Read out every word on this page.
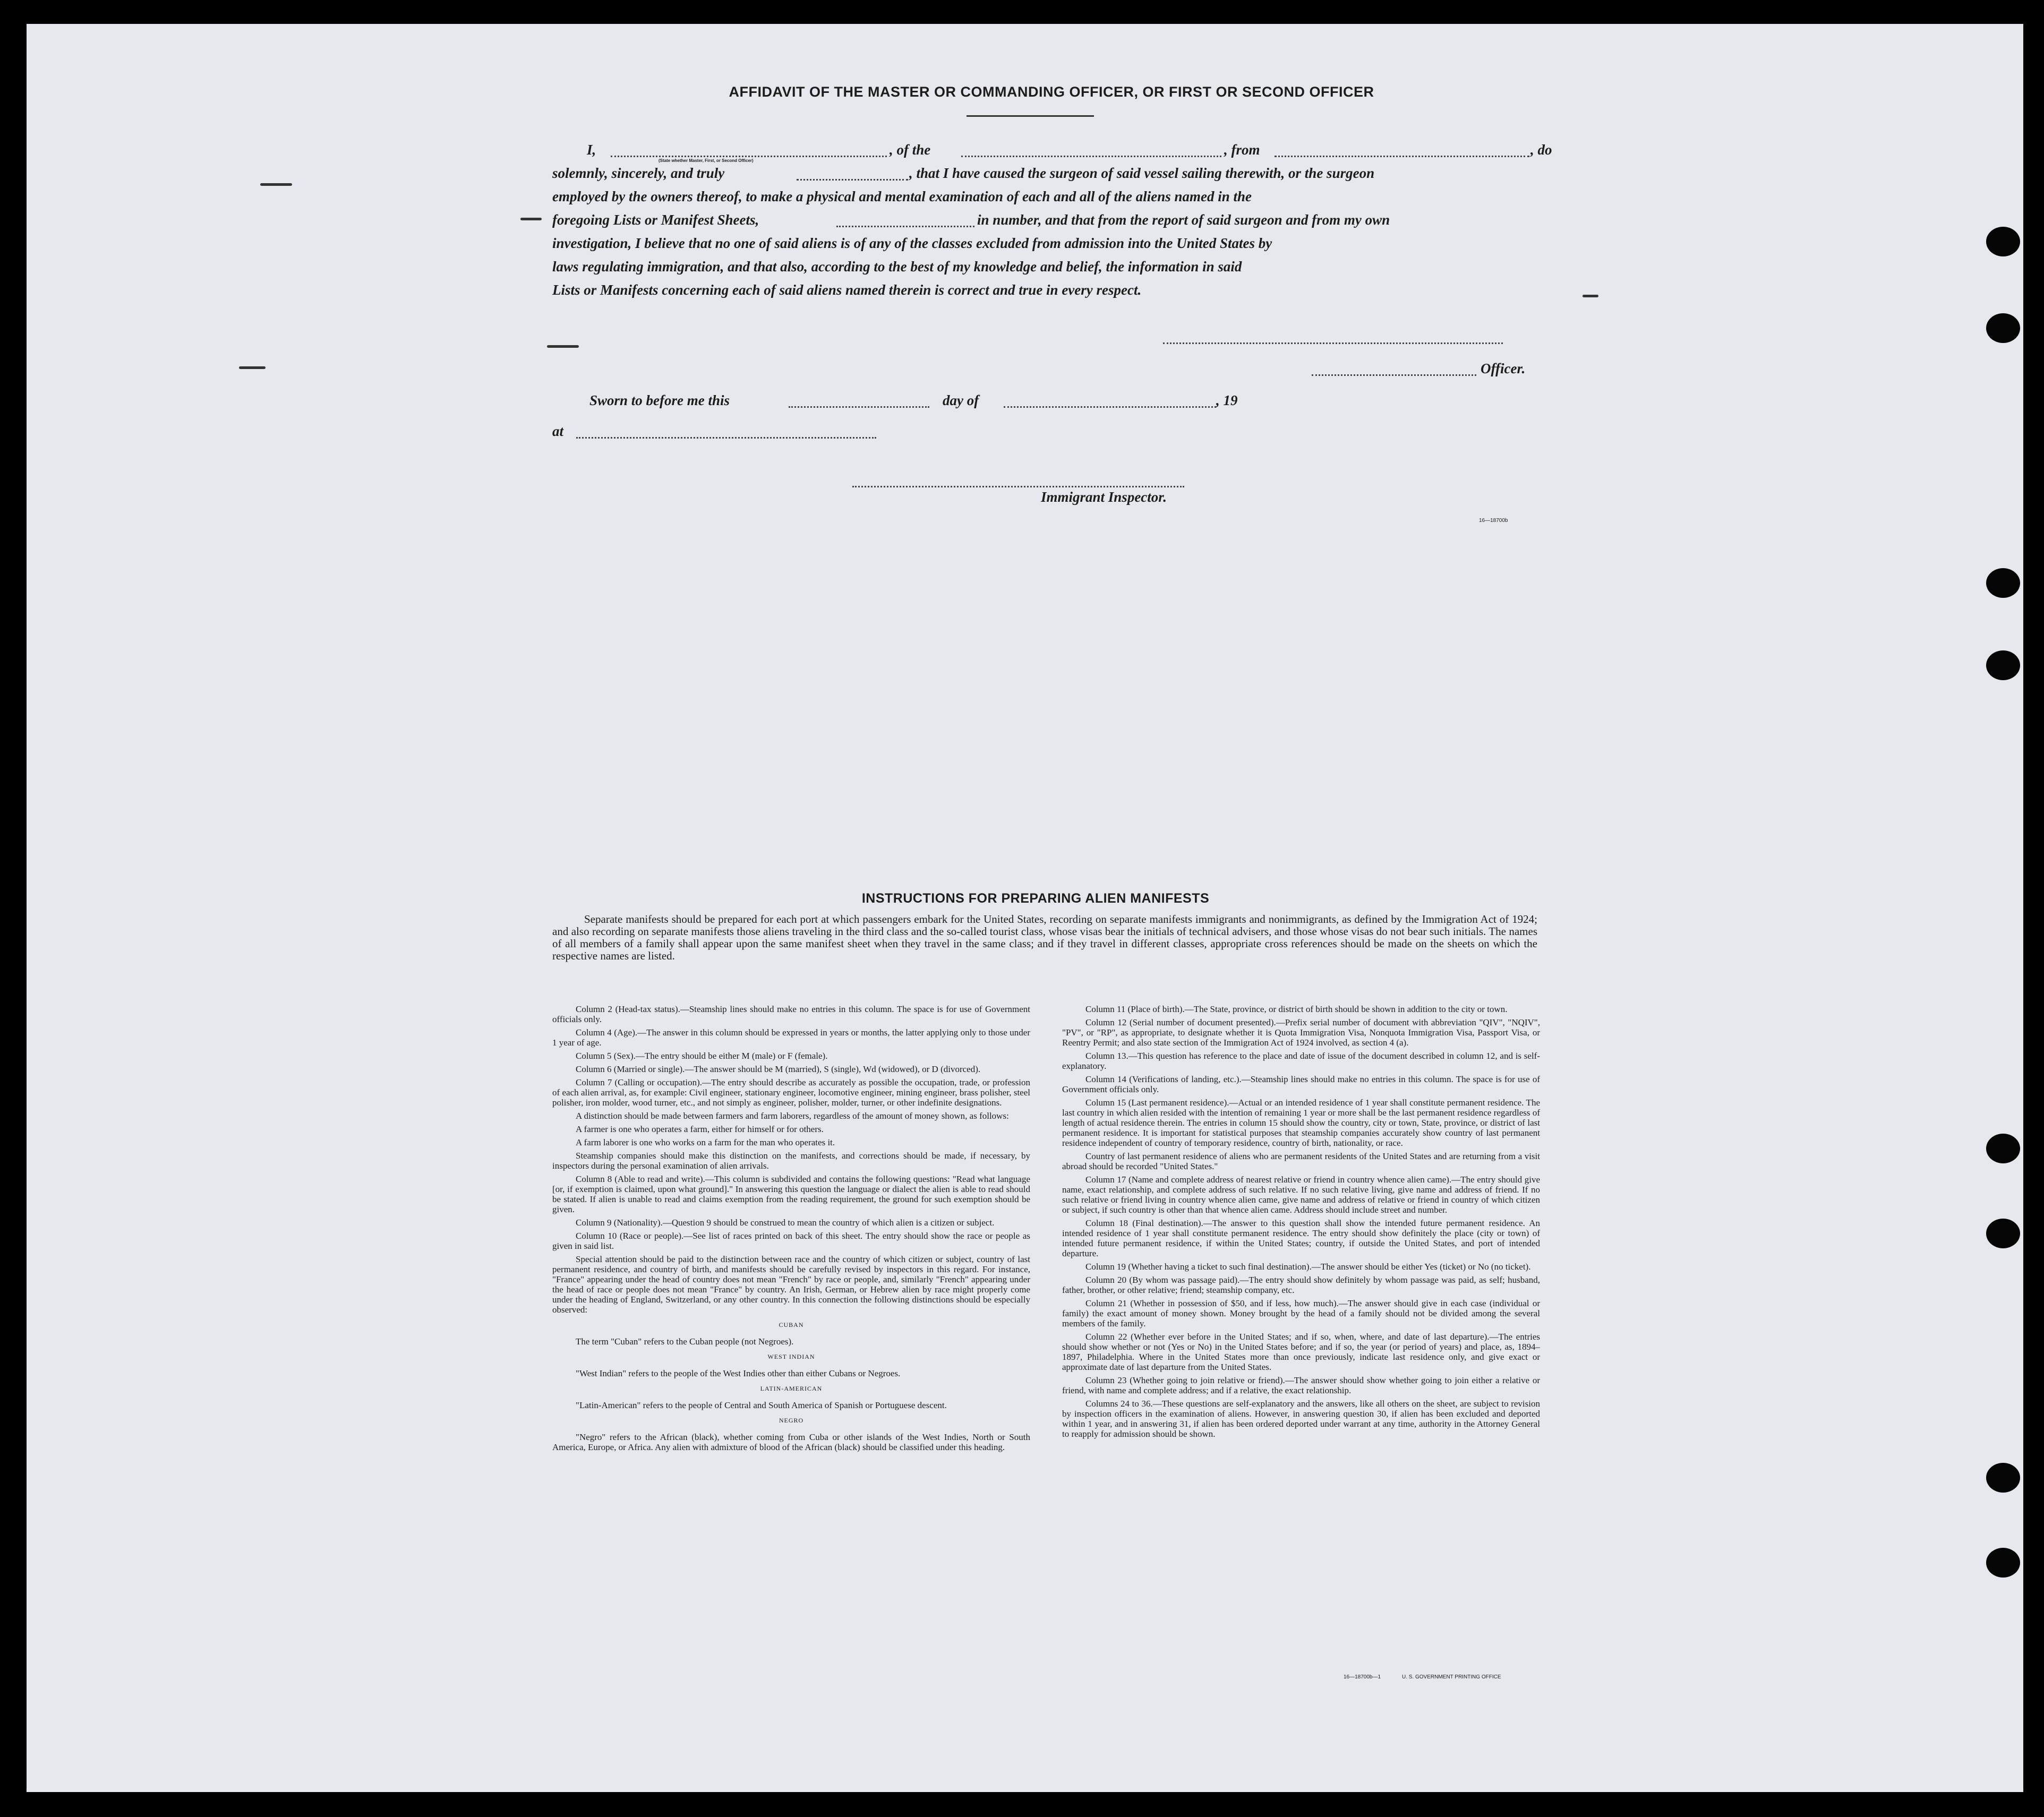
AFFIDAVIT OF THE MASTER OR COMMANDING OFFICER, OR FIRST OR SECOND OFFICER
I,
(State whether Master, First, or Second Officer)
, of the	, from	, do
solemnly, sincerely, and truly	, that I have caused the surgeon of said vessel sailing therewith, or the surgeon
employed by the owners thereof, to make a physical and mental examination of each and all of the aliens named in the
foregoing Lists or Manifest Sheets,	in number, and that from the report of said surgeon and from my own
investigation, I believe that no one of said aliens is of any of the classes excluded from admission into the United States by
laws regulating immigration, and that also, according to the best of my knowledge and belief, the information in said
Lists or Manifests concerning each of said aliens named therein is correct and true in every respect.
Officer.
Sworn to before me this	day of	, 19
at
Immigrant Inspector.
16—18700b
INSTRUCTIONS FOR PREPARING ALIEN MANIFESTS

Separate manifests should be prepared for each port at which passengers embark for the United States, recording on separate manifests immigrants and nonimmigrants, as defined by the Immigration Act of 1924; and also recording on separate manifests those aliens traveling in the third class and the so-called tourist class, whose visas bear the initials of technical advisers, and those whose visas do not bear such initials. The names of all members of a family shall appear upon the same manifest sheet when they travel in the same class; and if they travel in different classes, appropriate cross references should be made on the sheets on which the respective names are listed.

Column 2 (Head-tax status).—Steamship lines should make no entries in this column. The space is for use of Government officials only.

Column 4 (Age).—The answer in this column should be expressed in years or months, the latter applying only to those under 1 year of age.

Column 5 (Sex).—The entry should be either M (male) or F (female).

Column 6 (Married or single).—The answer should be M (married), S (single), Wd (widowed), or D (divorced).

Column 7 (Calling or occupation).—The entry should describe as accurately as possible the occupation, trade, or profession of each alien arrival, as, for example: Civil engineer, stationary engineer, locomotive engineer, mining engineer, brass polisher, steel polisher, iron molder, wood turner, etc., and not simply as engineer, polisher, molder, turner, or other indefinite designations.

A distinction should be made between farmers and farm laborers, regardless of the amount of money shown, as follows:

A farmer is one who operates a farm, either for himself or for others.

A farm laborer is one who works on a farm for the man who operates it.

Steamship companies should make this distinction on the manifests, and corrections should be made, if necessary, by inspectors during the personal examination of alien arrivals.

Column 8 (Able to read and write).—This column is subdivided and contains the following questions: "Read what language [or, if exemption is claimed, upon what ground]." In answering this question the language or dialect the alien is able to read should be stated. If alien is unable to read and claims exemption from the reading requirement, the ground for such exemption should be given.

Column 9 (Nationality).—Question 9 should be construed to mean the country of which alien is a citizen or subject.

Column 10 (Race or people).—See list of races printed on back of this sheet. The entry should show the race or people as given in said list.

Special attention should be paid to the distinction between race and the country of which citizen or subject, country of last permanent residence, and country of birth, and manifests should be carefully revised by inspectors in this regard. For instance, "France" appearing under the head of country does not mean "French" by race or people, and, similarly "French" appearing under the head of race or people does not mean "France" by country. An Irish, German, or Hebrew alien by race might properly come under the heading of England, Switzerland, or any other country. In this connection the following distinctions should be especially observed:

CUBAN

The term "Cuban" refers to the Cuban people (not Negroes).

WEST INDIAN

"West Indian" refers to the people of the West Indies other than either Cubans or Negroes.

LATIN-AMERICAN

"Latin-American" refers to the people of Central and South America of Spanish or Portuguese descent.

NEGRO

"Negro" refers to the African (black), whether coming from Cuba or other islands of the West Indies, North or South America, Europe, or Africa. Any alien with admixture of blood of the African (black) should be classified under this heading.

Column 11 (Place of birth).—The State, province, or district of birth should be shown in addition to the city or town.

Column 12 (Serial number of document presented).—Prefix serial number of document with abbreviation "QIV", "NQIV", "PV", or "RP", as appropriate, to designate whether it is Quota Immigration Visa, Nonquota Immigration Visa, Passport Visa, or Reentry Permit; and also state section of the Immigration Act of 1924 involved, as section 4 (a).

Column 13.—This question has reference to the place and date of issue of the document described in column 12, and is self-explanatory.

Column 14 (Verifications of landing, etc.).—Steamship lines should make no entries in this column. The space is for use of Government officials only.

Column 15 (Last permanent residence).—Actual or an intended residence of 1 year shall constitute permanent residence. The last country in which alien resided with the intention of remaining 1 year or more shall be the last permanent residence regardless of length of actual residence therein. The entries in column 15 should show the country, city or town, State, province, or district of last permanent residence. It is important for statistical purposes that steamship companies accurately show country of last permanent residence independent of country of temporary residence, country of birth, nationality, or race.

Country of last permanent residence of aliens who are permanent residents of the United States and are returning from a visit abroad should be recorded "United States."

Column 17 (Name and complete address of nearest relative or friend in country whence alien came).—The entry should give name, exact relationship, and complete address of such relative. If no such relative living, give name and address of friend. If no such relative or friend living in country whence alien came, give name and address of relative or friend in country of which citizen or subject, if such country is other than that whence alien came. Address should include street and number.

Column 18 (Final destination).—The answer to this question shall show the intended future permanent residence. An intended residence of 1 year shall constitute permanent residence. The entry should show definitely the place (city or town) of intended future permanent residence, if within the United States; country, if outside the United States, and port of intended departure.

Column 19 (Whether having a ticket to such final destination).—The answer should be either Yes (ticket) or No (no ticket).

Column 20 (By whom was passage paid).—The entry should show definitely by whom passage was paid, as self; husband, father, brother, or other relative; friend; steamship company, etc.

Column 21 (Whether in possession of $50, and if less, how much).—The answer should give in each case (individual or family) the exact amount of money shown. Money brought by the head of a family should not be divided among the several members of the family.

Column 22 (Whether ever before in the United States; and if so, when, where, and date of last departure).—The entries should show whether or not (Yes or No) in the United States before; and if so, the year (or period of years) and place, as, 1894–1897, Philadelphia. Where in the United States more than once previously, indicate last residence only, and give exact or approximate date of last departure from the United States.

Column 23 (Whether going to join relative or friend).—The answer should show whether going to join either a relative or friend, with name and complete address; and if a relative, the exact relationship.

Columns 24 to 36.—These questions are self-explanatory and the answers, like all others on the sheet, are subject to revision by inspection officers in the examination of aliens. However, in answering question 30, if alien has been excluded and deported within 1 year, and in answering 31, if alien has been ordered deported under warrant at any time, authority in the Attorney General to reapply for admission should be shown.

16—18700b—1	U. S. GOVERNMENT PRINTING OFFICE
